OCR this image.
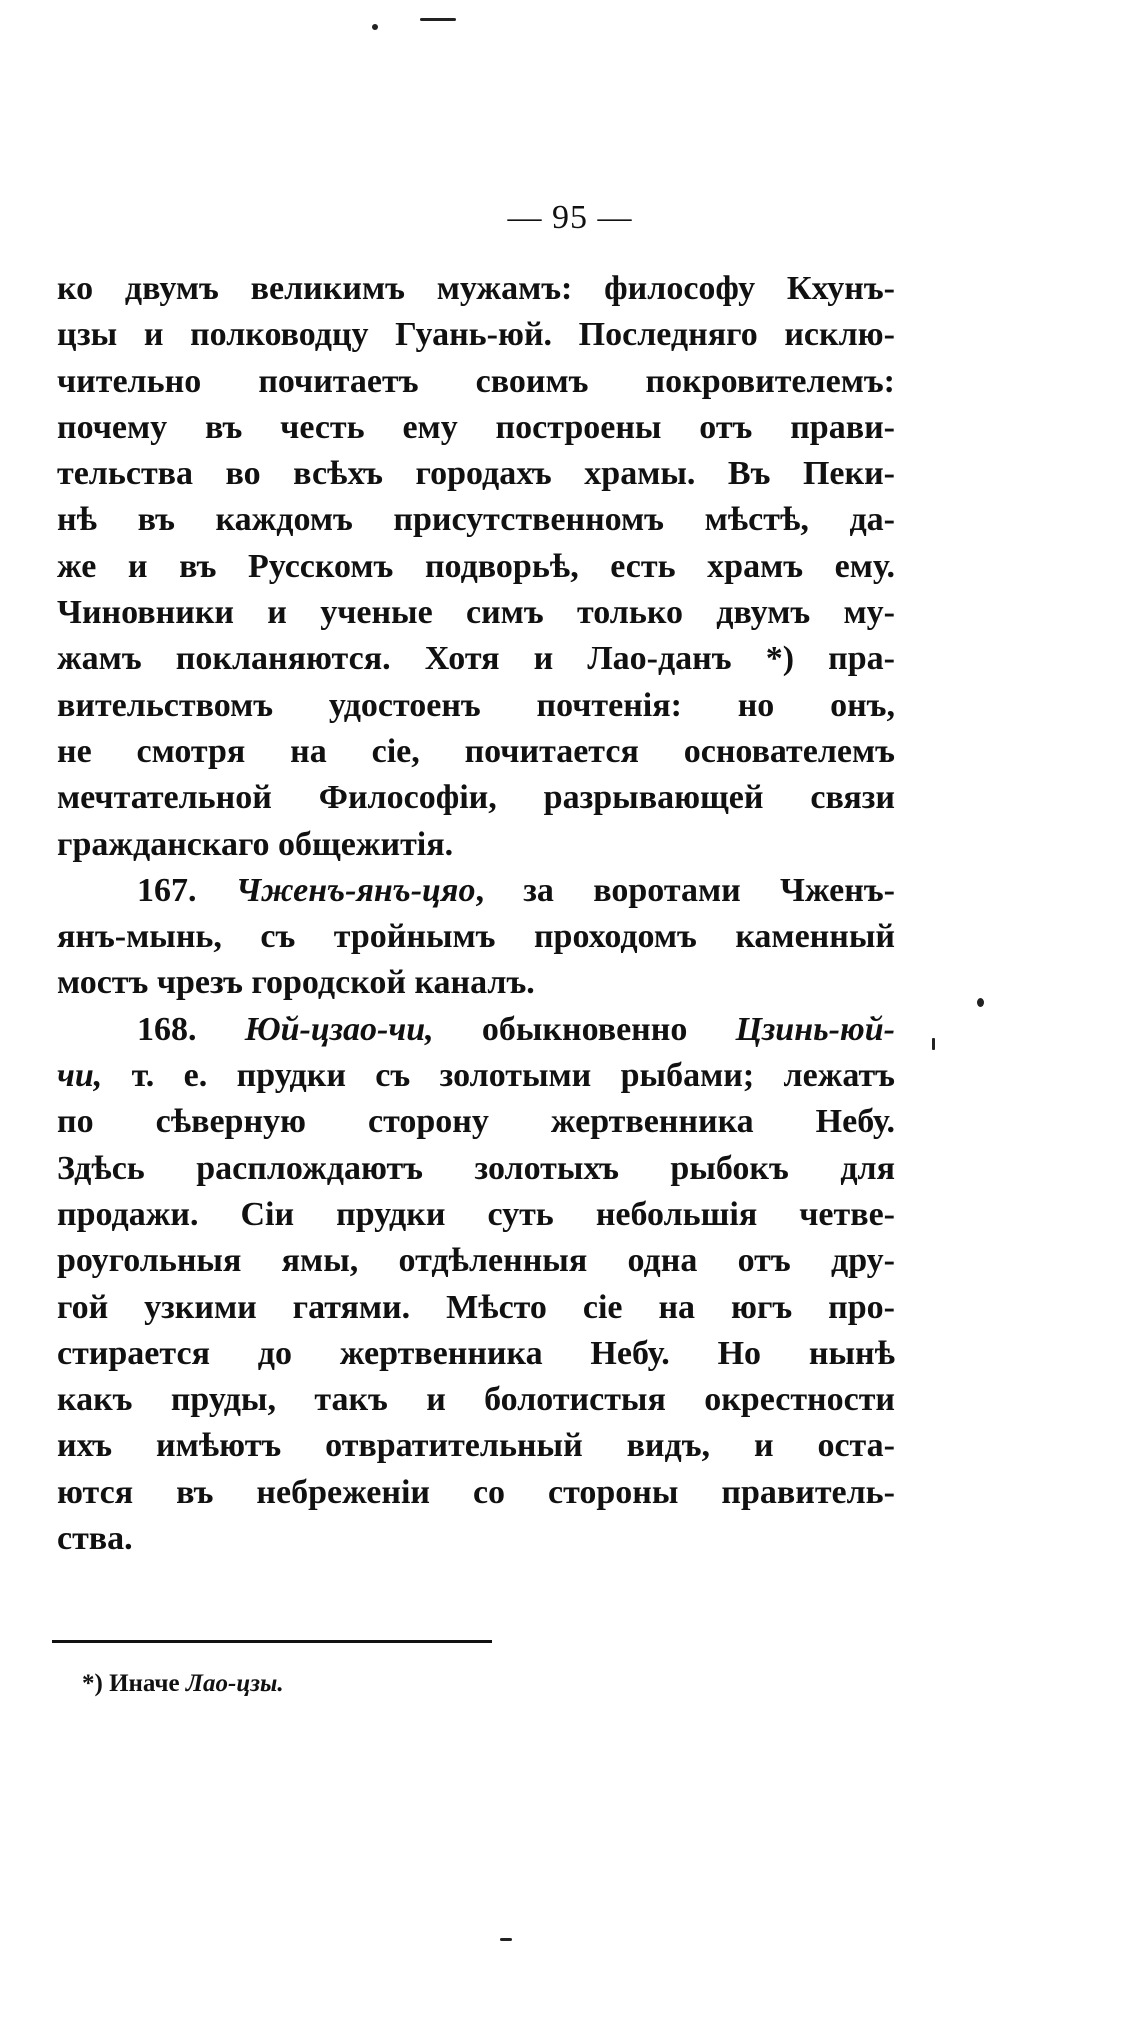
— 95 —
ко двумъ великимъ мужамъ: философу Кхунъ-
цзы и полководцу Гуань-юй. Последняго исклю-
чительно почитаетъ своимъ покровителемъ:
почему въ честь ему построены отъ прави-
тельства во всѣхъ городахъ храмы. Въ Пеки-
нѣ въ каждомъ присутственномъ мѣстѣ, да-
же и въ Русскомъ подворьѣ, есть храмъ ему.
Чиновники и ученые симъ только двумъ му-
жамъ покланяются. Хотя и Лао-данъ *) пра-
вительствомъ удостоенъ почтенія: но онъ,
не смотря на сіе, почитается основателемъ
мечтательной Философіи, разрывающей связи
гражданскаго общежитія.
167. Чженъ-янъ-цяо, за воротами Чженъ-
янъ-мынь, съ тройнымъ проходомъ каменный
мостъ чрезъ городской каналъ.
168. Юй-цзао-чи, обыкновенно Цзинь-юй-
чи, т. е. прудки съ золотыми рыбами; лежатъ
по сѣверную сторону жертвенника Небу.
Здѣсь расплождаютъ золотыхъ рыбокъ для
продажи. Сіи прудки суть небольшія четве-
роугольныя ямы, отдѣленныя одна отъ дру-
гой узкими гатями. Мѣсто сіе на югъ про-
стирается до жертвенника Небу. Но нынѣ
какъ пруды, такъ и болотистыя окрестности
ихъ имѣютъ отвратительный видъ, и оста-
ются въ небреженіи со стороны правитель-
ства.
*) Иначе Лао-цзы.
